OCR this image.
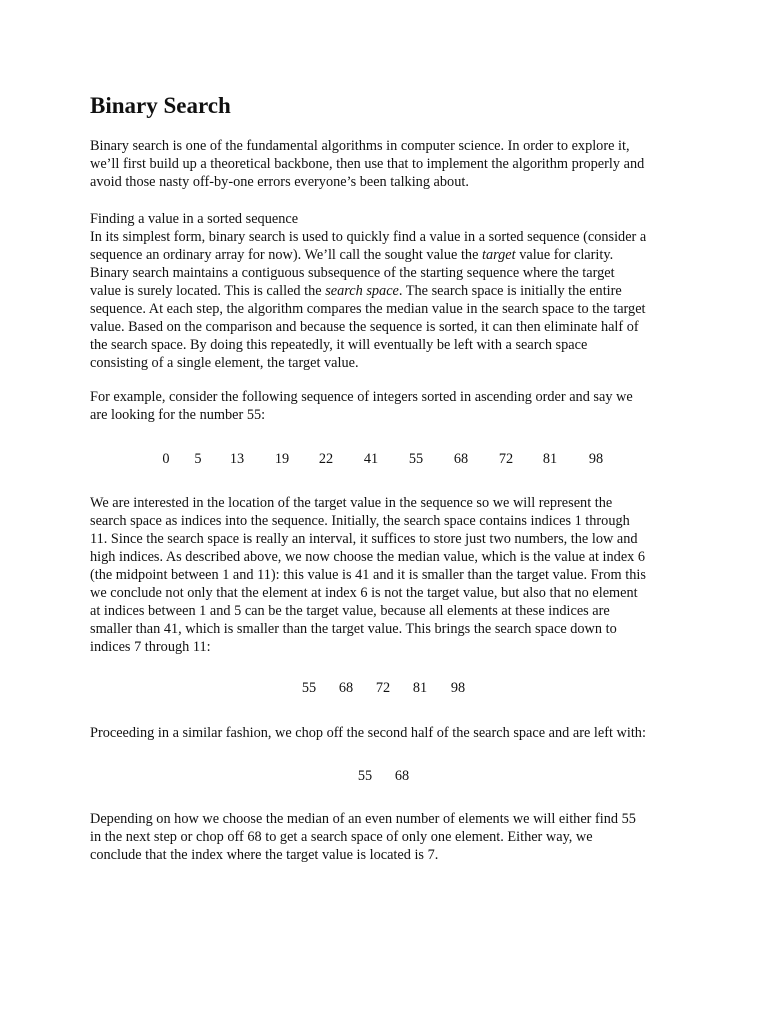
Binary Search

Binary search is one of the fundamental algorithms in computer science. In order to explore it,
we’ll first build up a theoretical backbone, then use that to implement the algorithm properly and
avoid those nasty off-by-one errors everyone’s been talking about.

Finding a value in a sorted sequence
In its simplest form, binary search is used to quickly find a value in a sorted sequence (consider a
sequence an ordinary array for now). We’ll call the sought value the target value for clarity.
Binary search maintains a contiguous subsequence of the starting sequence where the target
value is surely located. This is called the search space. The search space is initially the entire
sequence. At each step, the algorithm compares the median value in the search space to the target
value. Based on the comparison and because the sequence is sorted, it can then eliminate half of
the search space. By doing this repeatedly, it will eventually be left with a search space
consisting of a single element, the target value.

For example, consider the following sequence of integers sorted in ascending order and say we
are looking for the number 55:

0 5 13 19 22 41 55 68 72 81 98

We are interested in the location of the target value in the sequence so we will represent the
search space as indices into the sequence. Initially, the search space contains indices 1 through
11. Since the search space is really an interval, it suffices to store just two numbers, the low and
high indices. As described above, we now choose the median value, which is the value at index 6
(the midpoint between 1 and 11): this value is 41 and it is smaller than the target value. From this
we conclude not only that the element at index 6 is not the target value, but also that no element
at indices between 1 and 5 can be the target value, because all elements at these indices are
smaller than 41, which is smaller than the target value. This brings the search space down to
indices 7 through 11:

55 68 72 81 98

Proceeding in a similar fashion, we chop off the second half of the search space and are left with:

55 68

Depending on how we choose the median of an even number of elements we will either find 55
in the next step or chop off 68 to get a search space of only one element. Either way, we
conclude that the index where the target value is located is 7.
